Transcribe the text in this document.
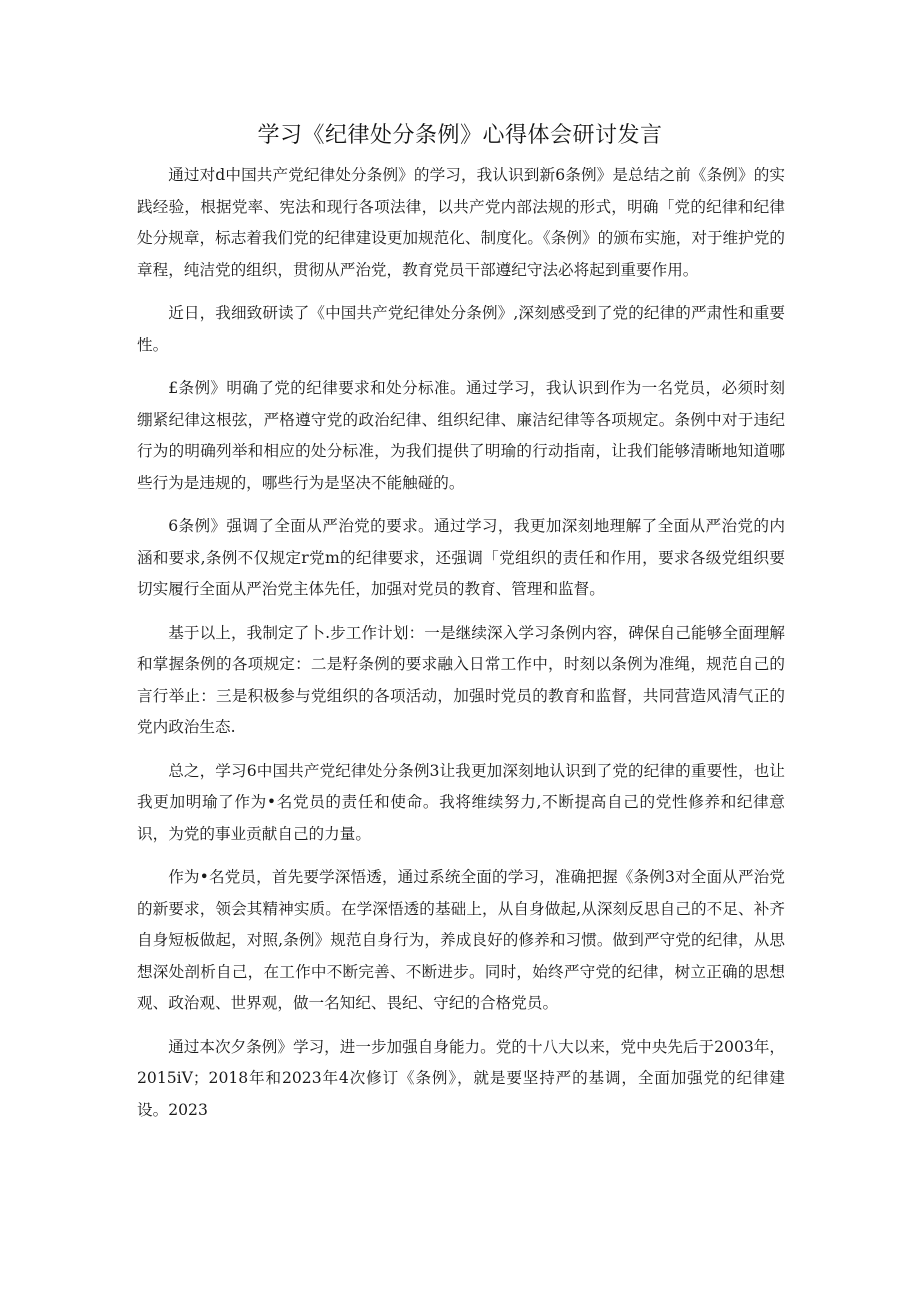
学习《纪律处分条例》心得体会研讨发言

通过对d中国共产党纪律处分条例》的学习，我认识到新6条例》是总结之前《条例》的实践经验，根据党率、宪法和现行各项法律，以共产党内部法规的形式，明确「党的纪律和纪律处分规章，标志着我们党的纪律建设更加规范化、制度化。《条例》的颁布实施，对于维护党的章程，纯洁党的组织，贯彻从严治党，教育党员干部遵纪守法必将起到重要作用。

近日，我细致研读了《中国共产党纪律处分条例》,深刻感受到了党的纪律的严肃性和重要性。

£条例》明确了党的纪律要求和处分标准。通过学习，我认识到作为一名党员，必须时刻绷紧纪律这根弦，严格遵守党的政治纪律、组织纪律、廉洁纪律等各项规定。条例中对于违纪行为的明确列举和相应的处分标准，为我们提供了明瑜的行动指南，让我们能够清晰地知道哪些行为是违规的，哪些行为是坚决不能触碰的。

6条例》强调了全面从严治党的要求。通过学习，我更加深刻地理解了全面从严治党的内涵和要求,条例不仅规定r党m的纪律要求，还强调「党组织的责任和作用，要求各级党组织要切实履行全面从严治党主体先任，加强对党员的教育、管理和监督。

基于以上，我制定了卜.步工作计划：一是继续深入学习条例内容，碑保自己能够全面理解和掌握条例的各项规定：二是籽条例的要求融入日常工作中，时刻以条例为准绳，规范自己的言行举止：三是积极参与党组织的各项活动，加强时党员的教育和监督，共同营造风清气正的党内政治生态.

总之，学习6中国共产党纪律处分条例3让我更加深刻地认识到了党的纪律的重要性，也让我更加明瑜了作为•名党员的责任和使命。我将维续努力,不断提高自己的党性修养和纪律意识，为党的事业贡献自己的力量。

作为•名党员，首先要学深悟透，通过系统全面的学习，准确把握《条例3对全面从严治党的新要求，领会其精神实质。在学深悟透的基础上，从自身做起,从深刻反思自己的不足、补齐自身短板做起，对照,条例》规范自身行为，养成良好的修养和习惯。做到严守党的纪律，从思想深处剖析自己，在工作中不断完善、不断进步。同时，始终严守党的纪律，树立正确的思想观、政治观、世界观，做一名知纪、畏纪、守纪的合格党员。

通过本次夕条例》学习，进一步加强自身能力。党的十八大以来，党中央先后于2003年，2015iV；2018年和2023年4次修订《条例》，就是要坚持严的基调，全面加强党的纪律建设。2023
